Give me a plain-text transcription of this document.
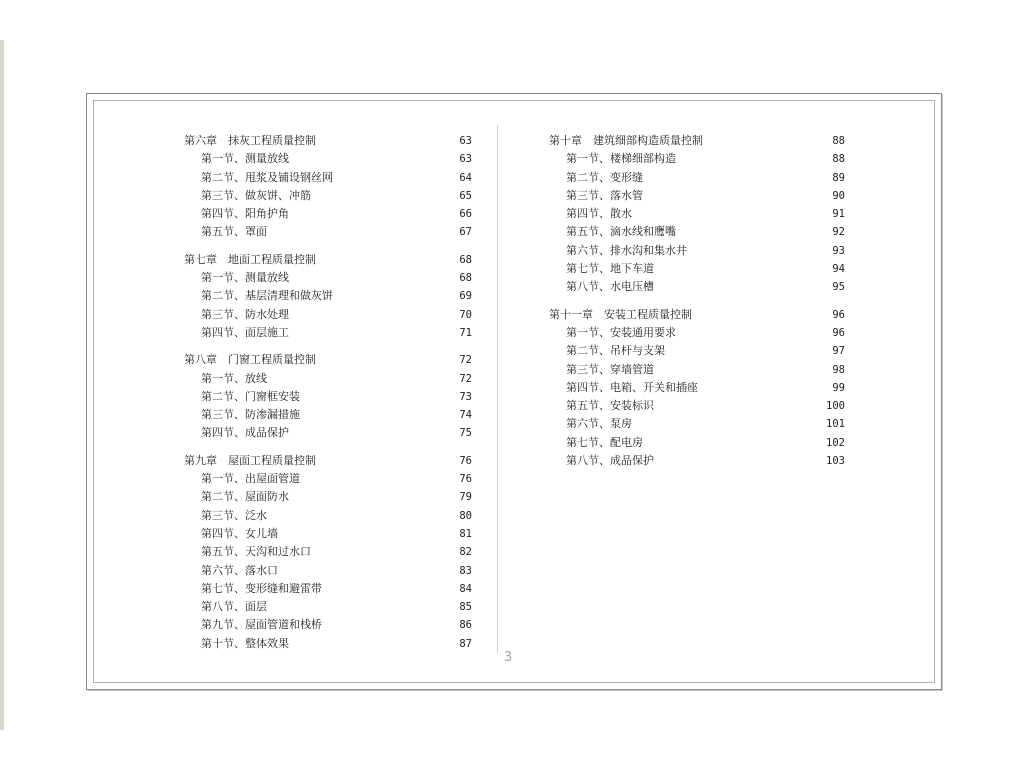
第六章　抹灰工程质量控制	63
第一节、测量放线	63
第二节、甩浆及铺设钢丝网	64
第三节、做灰饼、冲筋	65
第四节、阳角护角	66
第五节、罩面	67
第七章　地面工程质量控制	68
第一节、测量放线	68
第二节、基层清理和做灰饼	69
第三节、防水处理	70
第四节、面层施工	71
第八章　门窗工程质量控制	72
第一节、放线	72
第二节、门窗框安装	73
第三节、防渗漏措施	74
第四节、成品保护	75
第九章　屋面工程质量控制	76
第一节、出屋面管道	76
第二节、屋面防水	79
第三节、泛水	80
第四节、女儿墙	81
第五节、天沟和过水口	82
第六节、落水口	83
第七节、变形缝和避雷带	84
第八节、面层	85
第九节、屋面管道和栈桥	86
第十节、整体效果	87
第十章　建筑细部构造质量控制	88
第一节、楼梯细部构造	88
第二节、变形缝	89
第三节、落水管	90
第四节、散水	91
第五节、滴水线和鹰嘴	92
第六节、排水沟和集水井	93
第七节、地下车道	94
第八节、水电压槽	95
第十一章　安装工程质量控制	96
第一节、安装通用要求	96
第二节、吊杆与支架	97
第三节、穿墙管道	98
第四节、电箱、开关和插座	99
第五节、安装标识	100
第六节、泵房	101
第七节、配电房	102
第八节、成品保护	103
3
